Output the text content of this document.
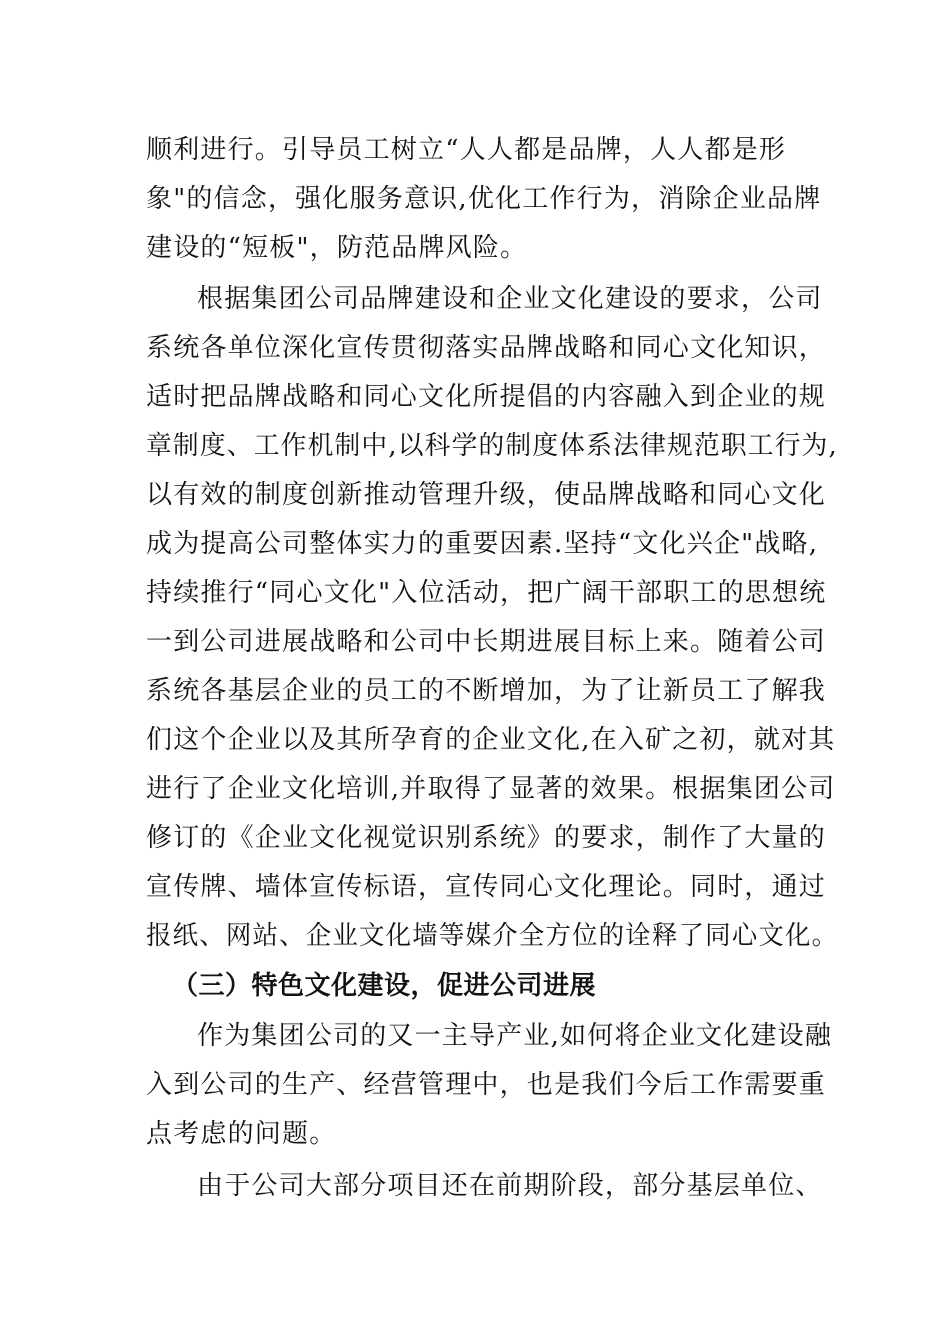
顺利进行。引导员工树立“人人都是品牌，人人都是形
象"的信念，强化服务意识,优化工作行为，消除企业品牌
建设的“短板"，防范品牌风险。
根据集团公司品牌建设和企业文化建设的要求，公司
系统各单位深化宣传贯彻落实品牌战略和同心文化知识，
适时把品牌战略和同心文化所提倡的内容融入到企业的规
章制度、工作机制中,以科学的制度体系法律规范职工行为,
以有效的制度创新推动管理升级，使品牌战略和同心文化
成为提高公司整体实力的重要因素.坚持“文化兴企"战略,
持续推行“同心文化"入位活动，把广阔干部职工的思想统
一到公司进展战略和公司中长期进展目标上来。随着公司
系统各基层企业的员工的不断增加，为了让新员工了解我
们这个企业以及其所孕育的企业文化,在入矿之初，就对其
进行了企业文化培训,并取得了显著的效果。根据集团公司
修订的《企业文化视觉识别系统》的要求，制作了大量的
宣传牌、墙体宣传标语，宣传同心文化理论。同时，通过
报纸、网站、企业文化墙等媒介全方位的诠释了同心文化。
（三）特色文化建设，促进公司进展
作为集团公司的又一主导产业,如何将企业文化建设融
入到公司的生产、经营管理中，也是我们今后工作需要重
点考虑的问题。
由于公司大部分项目还在前期阶段，部分基层单位、
